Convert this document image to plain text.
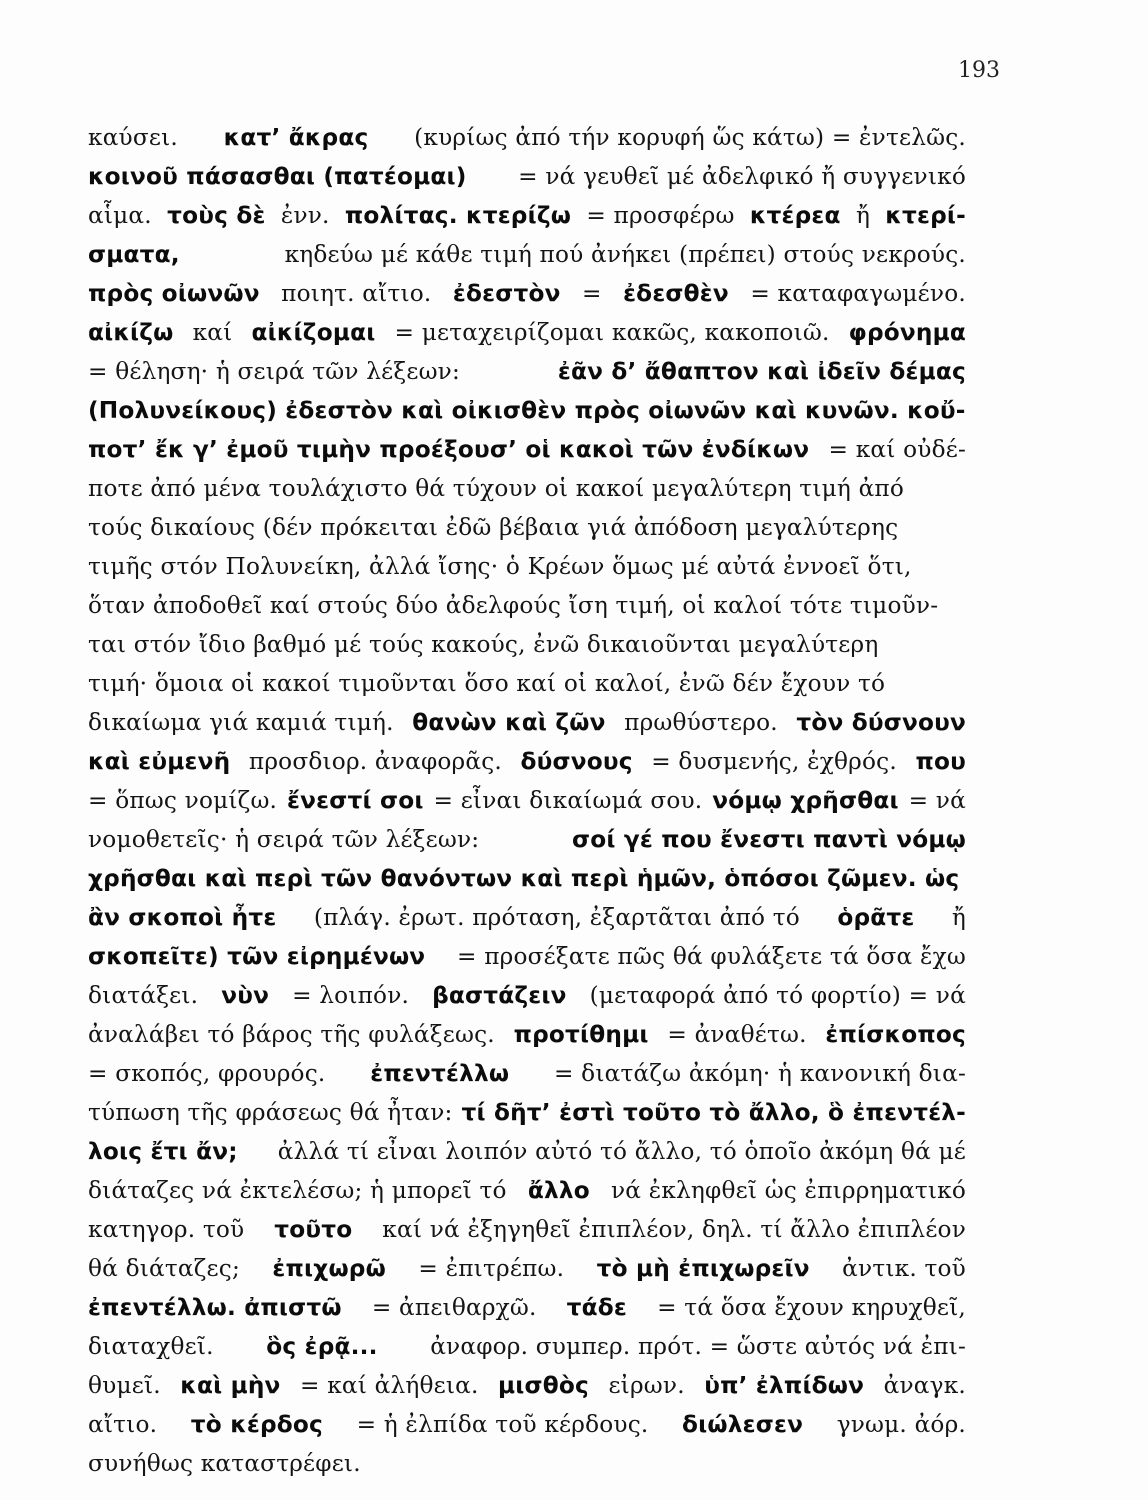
193
καύσει. κατ’ ἄκρας (κυρίως ἀπό τήν κορυφή ὥς κάτω) = ἐντελῶς.
κοινοῦ πάσασθαι (πατέομαι) = νά γευθεῖ μέ ἀδελφικό ἤ συγγενικό
αἷμα. τοὺς δὲ ἐνν. πολίτας. κτερίζω = προσφέρω κτέρεα ἤ κτερί-
σματα,	κηδεύω μέ κάθε τιμή πού ἀνήκει (πρέπει) στούς νεκρούς.
πρὸς οἰωνῶν ποιητ. αἴτιο. ἐδεστὸν = ἐδεσθὲν = καταφαγωμένο.
αἰκίζω καί αἰκίζομαι = μεταχειρίζομαι κακῶς, κακοποιῶ. φρόνημα
= θέληση· ἡ σειρά τῶν λέξεων:	ἐᾶν δ’ ἄθαπτον καὶ ἰδεῖν δέμας
(Πολυνείκους) ἐδεστὸν καὶ οἰκισθὲν πρὸς οἰωνῶν καὶ κυνῶν. κοὔ-
ποτ’ ἔκ γ’ ἐμοῦ τιμὴν προέξουσ’ οἱ κακοὶ τῶν ἐνδίκων = καί οὐδέ-
ποτε ἀπό μένα τουλάχιστο θά τύχουν οἱ κακοί μεγαλύτερη τιμή ἀπό
τούς δικαίους (δέν πρόκειται ἐδῶ βέβαια γιά ἀπόδοση μεγαλύτερης
τιμῆς στόν Πολυνείκη, ἀλλά ἴσης· ὁ Κρέων ὅμως μέ αὐτά ἐννοεῖ ὅτι,
ὅταν ἀποδοθεῖ καί στούς δύο ἀδελφούς ἴση τιμή, οἱ καλοί τότε τιμοῦν-
ται στόν ἴδιο βαθμό μέ τούς κακούς, ἐνῶ δικαιοῦνται μεγαλύτερη
τιμή· ὅμοια οἱ κακοί τιμοῦνται ὅσο καί οἱ καλοί, ἐνῶ δέν ἔχουν τό
δικαίωμα γιά καμιά τιμή. θανὼν καὶ ζῶν πρωθύστερο. τὸν δύσνουν
καὶ εὐμενῆ προσδιορ. ἀναφορᾶς. δύσνους = δυσμενής, ἐχθρός. που
= ὅπως νομίζω. ἔνεστί σοι = εἶναι δικαίωμά σου. νόμῳ χρῆσθαι = νά
νομοθετεῖς· ἡ σειρά τῶν λέξεων:	σοί γέ που ἔνεστι παντὶ νόμῳ
χρῆσθαι καὶ περὶ τῶν θανόντων καὶ περὶ ἡμῶν, ὁπόσοι ζῶμεν. ὡς
ἂν σκοποὶ ἦτε (πλάγ. ἐρωτ. πρόταση, ἐξαρτᾶται ἀπό τό ὁρᾶτε ἤ
σκοπεῖτε) τῶν εἰρημένων = προσέξατε πῶς θά φυλάξετε τά ὅσα ἔχω
διατάξει. νὺν = λοιπόν. βαστάζειν (μεταφορά ἀπό τό φορτίο) = νά
ἀναλάβει τό βάρος τῆς φυλάξεως. προτίθημι = ἀναθέτω. ἐπίσκοπος
= σκοπός, φρουρός. ἐπεντέλλω = διατάζω ἀκόμη· ἡ κανονική δια-
τύπωση τῆς φράσεως θά ἦταν: τί δῆτ’ ἐστὶ τοῦτο τὸ ἄλλο, ὃ ἐπεντέλ-
λοις ἔτι ἄν; ἀλλά τί εἶναι λοιπόν αὐτό τό ἄλλο, τό ὁποῖο ἀκόμη θά μέ
διάταζες νά ἐκτελέσω; ἡ μπορεῖ τό ἄλλο νά ἐκληφθεῖ ὡς ἐπιρρηματικό
κατηγορ. τοῦ τοῦτο καί νά ἐξηγηθεῖ ἐπιπλέον, δηλ. τί ἄλλο ἐπιπλέον
θά διάταζες; ἐπιχωρῶ = ἐπιτρέπω. τὸ μὴ ἐπιχωρεῖν ἀντικ. τοῦ
ἐπεντέλλω. ἀπιστῶ = ἀπειθαρχῶ. τάδε = τά ὅσα ἔχουν κηρυχθεῖ,
διαταχθεῖ. ὃς ἐρᾷ... ἀναφορ. συμπερ. πρότ. = ὥστε αὐτός νά ἐπι-
θυμεῖ. καὶ μὴν = καί ἀλήθεια. μισθὸς εἰρων. ὑπ’ ἐλπίδων ἀναγκ.
αἴτιο. τὸ κέρδος = ἡ ἐλπίδα τοῦ κέρδους. διώλεσεν γνωμ. ἀόρ.
συνήθως καταστρέφει.
